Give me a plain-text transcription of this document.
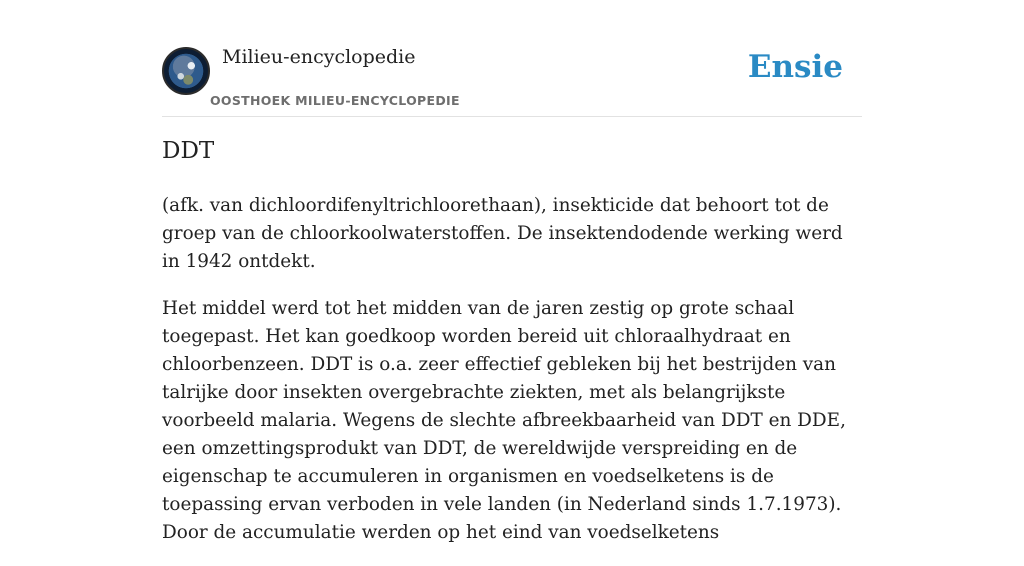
Milieu-encyclopedie
OOSTHOEK MILIEU-ENCYCLOPEDIE
Ensie
DDT

(afk. van dichloordifenyltrichloorethaan), insekticide dat behoort tot de groep van de chloorkoolwaterstoffen. De insektendodende werking werd in 1942 ontdekt.

Het middel werd tot het midden van de jaren zestig op grote schaal toegepast. Het kan goedkoop worden bereid uit chloraalhydraat en chloorbenzeen. DDT is o.a. zeer effectief gebleken bij het bestrijden van talrijke door insekten overgebrachte ziekten, met als belangrijkste voorbeeld malaria. Wegens de slechte afbreekbaarheid van DDT en DDE, een omzettingsprodukt van DDT, de wereldwijde verspreiding en de eigenschap te accumuleren in organismen en voedselketens is de toepassing ervan verboden in vele landen (in Nederland sinds 1.7.1973). Door de accumulatie werden op het eind van voedselketens
